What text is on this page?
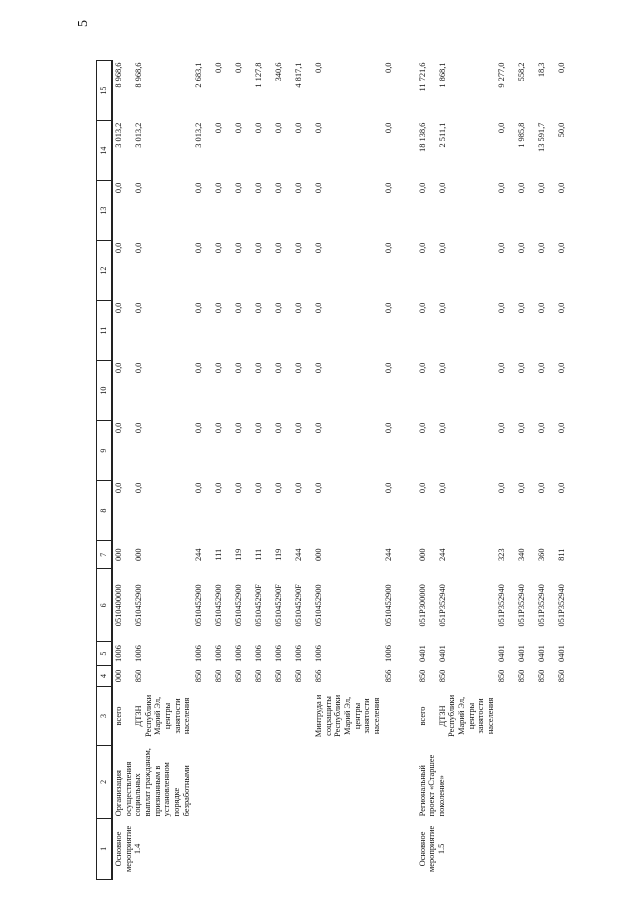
5
1	2	3	4	5	6	7	8	9	10	11	12	13	14	15
Основное мероприятие 1.4	Организация осуществления социальных выплат гражданам, признанным в установленном порядке безработными	всего	000	1006	0510400000	000	0,0	0,0	0,0	0,0	0,0	0,0	3 013,2	8 968,6
		ДТЗН Республики Марий Эл, центры занятости населения	850	1006	0510452900	000	0,0	0,0	0,0	0,0	0,0	0,0	3 013,2	8 968,6
			850	1006	0510452900	244	0,0	0,0	0,0	0,0	0,0	0,0	3 013,2	2 683,1
			850	1006	0510452900	111	0,0	0,0	0,0	0,0	0,0	0,0	0,0	0,0
			850	1006	0510452900	119	0,0	0,0	0,0	0,0	0,0	0,0	0,0	0,0
			850	1006	051045290F	111	0,0	0,0	0,0	0,0	0,0	0,0	0,0	1 127,8
			850	1006	051045290F	119	0,0	0,0	0,0	0,0	0,0	0,0	0,0	340,6
			850	1006	051045290F	244	0,0	0,0	0,0	0,0	0,0	0,0	0,0	4 817,1
		Минтруда и соцзащиты Республики Марий Эл, центры занятости населения	856	1006	0510452900	000	0,0	0,0	0,0	0,0	0,0	0,0	0,0	0,0
			856	1006	0510452900	244	0,0	0,0	0,0	0,0	0,0	0,0	0,0	0,0

Основное мероприятие 1.5	Региональный проект «Старшее поколение»	всего	850	0401	051P300000	000	0,0	0,0	0,0	0,0	0,0	0,0	18 138,6	11 721,6
		ДТЗН Республики Марий Эл, центры занятости населения	850	0401	051P352940	244	0,0	0,0	0,0	0,0	0,0	0,0	2 511,1	1 868,1
			850	0401	051P352940	323	0,0	0,0	0,0	0,0	0,0	0,0	0,0	9 277,0
			850	0401	051P352940	340	0,0	0,0	0,0	0,0	0,0	0,0	1 985,8	558,2
			850	0401	051P352940	360	0,0	0,0	0,0	0,0	0,0	0,0	13 591,7	18,3
			850	0401	051P352940	811	0,0	0,0	0,0	0,0	0,0	0,0	50,0	0,0
